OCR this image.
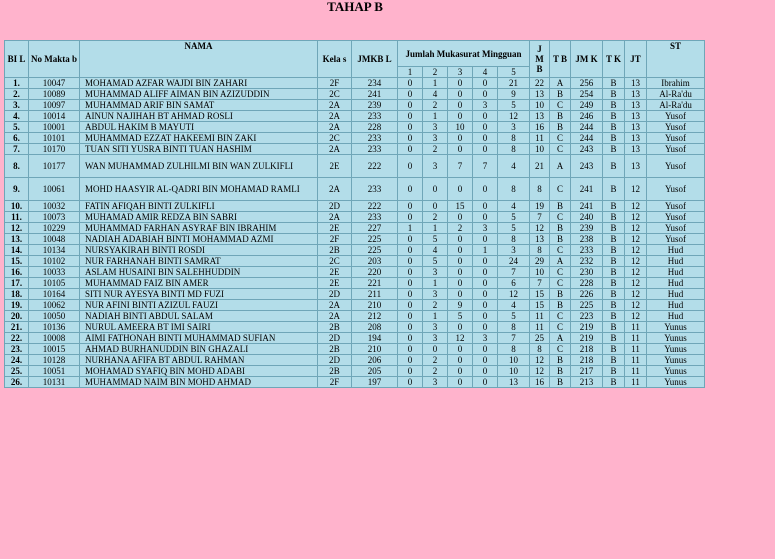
TAHAP B
BI L	No Makta b	NAMA	Kela s	JMKB L	Jumlah Mukasurat Mingguan					J M B	T B	JM K	T K	JT	ST
					1	2	3	4	5						
1.	10047	MOHAMAD AZFAR WAJDI BIN ZAHARI	2F	234	0	1	0	0	21	22	A	256	B	13	Ibrahim
2.	10089	MUHAMMAD ALIFF AIMAN BIN AZIZUDDIN	2C	241	0	4	0	0	9	13	B	254	B	13	Al-Ra'du
3.	10097	MUHAMMAD ARIF BIN SAMAT	2A	239	0	2	0	3	5	10	C	249	B	13	Al-Ra'du
4.	10014	AINUN NAJIHAH BT AHMAD ROSLI	2A	233	0	1	0	0	12	13	B	246	B	13	Yusof
5.	10001	ABDUL HAKIM B MAYUTI	2A	228	0	3	10	0	3	16	B	244	B	13	Yusof
6.	10101	MUHAMMAD EZZAT HAKEEMI BIN ZAKI	2C	233	0	3	0	0	8	11	C	244	B	13	Yusof
7.	10170	TUAN SITI YUSRA BINTI TUAN HASHIM	2A	233	0	2	0	0	8	10	C	243	B	13	Yusof
8.	10177	WAN MUHAMMAD ZULHILMI BIN WAN ZULKIFLI	2E	222	0	3	7	7	4	21	A	243	B	13	Yusof
9.	10061	MOHD HAASYIR AL-QADRI BIN MOHAMAD RAMLI	2A	233	0	0	0	0	8	8	C	241	B	12	Yusof
10.	10032	FATIN AFIQAH BINTI ZULKIFLI	2D	222	0	0	15	0	4	19	B	241	B	12	Yusof
11.	10073	MUHAMAD AMIR REDZA BIN SABRI	2A	233	0	2	0	0	5	7	C	240	B	12	Yusof
12.	10229	MUHAMMAD FARHAN ASYRAF BIN IBRAHIM	2E	227	1	1	2	3	5	12	B	239	B	12	Yusof
13.	10048	NADIAH ADABIAH BINTI MOHAMMAD AZMI	2F	225	0	5	0	0	8	13	B	238	B	12	Yusof
14.	10134	NURSYAKIRAH BINTI ROSDI	2B	225	0	4	0	1	3	8	C	233	B	12	Hud
15.	10102	NUR FARHANAH BINTI SAMRAT	2C	203	0	5	0	0	24	29	A	232	B	12	Hud
16.	10033	ASLAM HUSAINI BIN SALEHHUDDIN	2E	220	0	3	0	0	7	10	C	230	B	12	Hud
17.	10105	MUHAMMAD FAIZ BIN AMER	2E	221	0	1	0	0	6	7	C	228	B	12	Hud
18.	10164	SITI NUR AYESYA BINTI MD FUZI	2D	211	0	3	0	0	12	15	B	226	B	12	Hud
19.	10062	NUR AFINI BINTI AZIZUL FAUZI	2A	210	0	2	9	0	4	15	B	225	B	12	Hud
20.	10050	NADIAH BINTI ABDUL SALAM	2A	212	0	1	5	0	5	11	C	223	B	12	Hud
21.	10136	NURUL AMEERA BT IMI SAIRI	2B	208	0	3	0	0	8	11	C	219	B	11	Yunus
22.	10008	AIMI FATHONAH BINTI MUHAMMAD SUFIAN	2D	194	0	3	12	3	7	25	A	219	B	11	Yunus
23.	10015	AHMAD BURHANUDDIN BIN GHAZALI	2B	210	0	0	0	0	8	8	C	218	B	11	Yunus
24.	10128	NURHANA AFIFA BT ABDUL RAHMAN	2D	206	0	2	0	0	10	12	B	218	B	11	Yunus
25.	10051	MOHAMAD SYAFIQ BIN MOHD ADABI	2B	205	0	2	0	0	10	12	B	217	B	11	Yunus
26.	10131	MUHAMMAD NAIM BIN MOHD AHMAD	2F	197	0	3	0	0	13	16	B	213	B	11	Yunus
